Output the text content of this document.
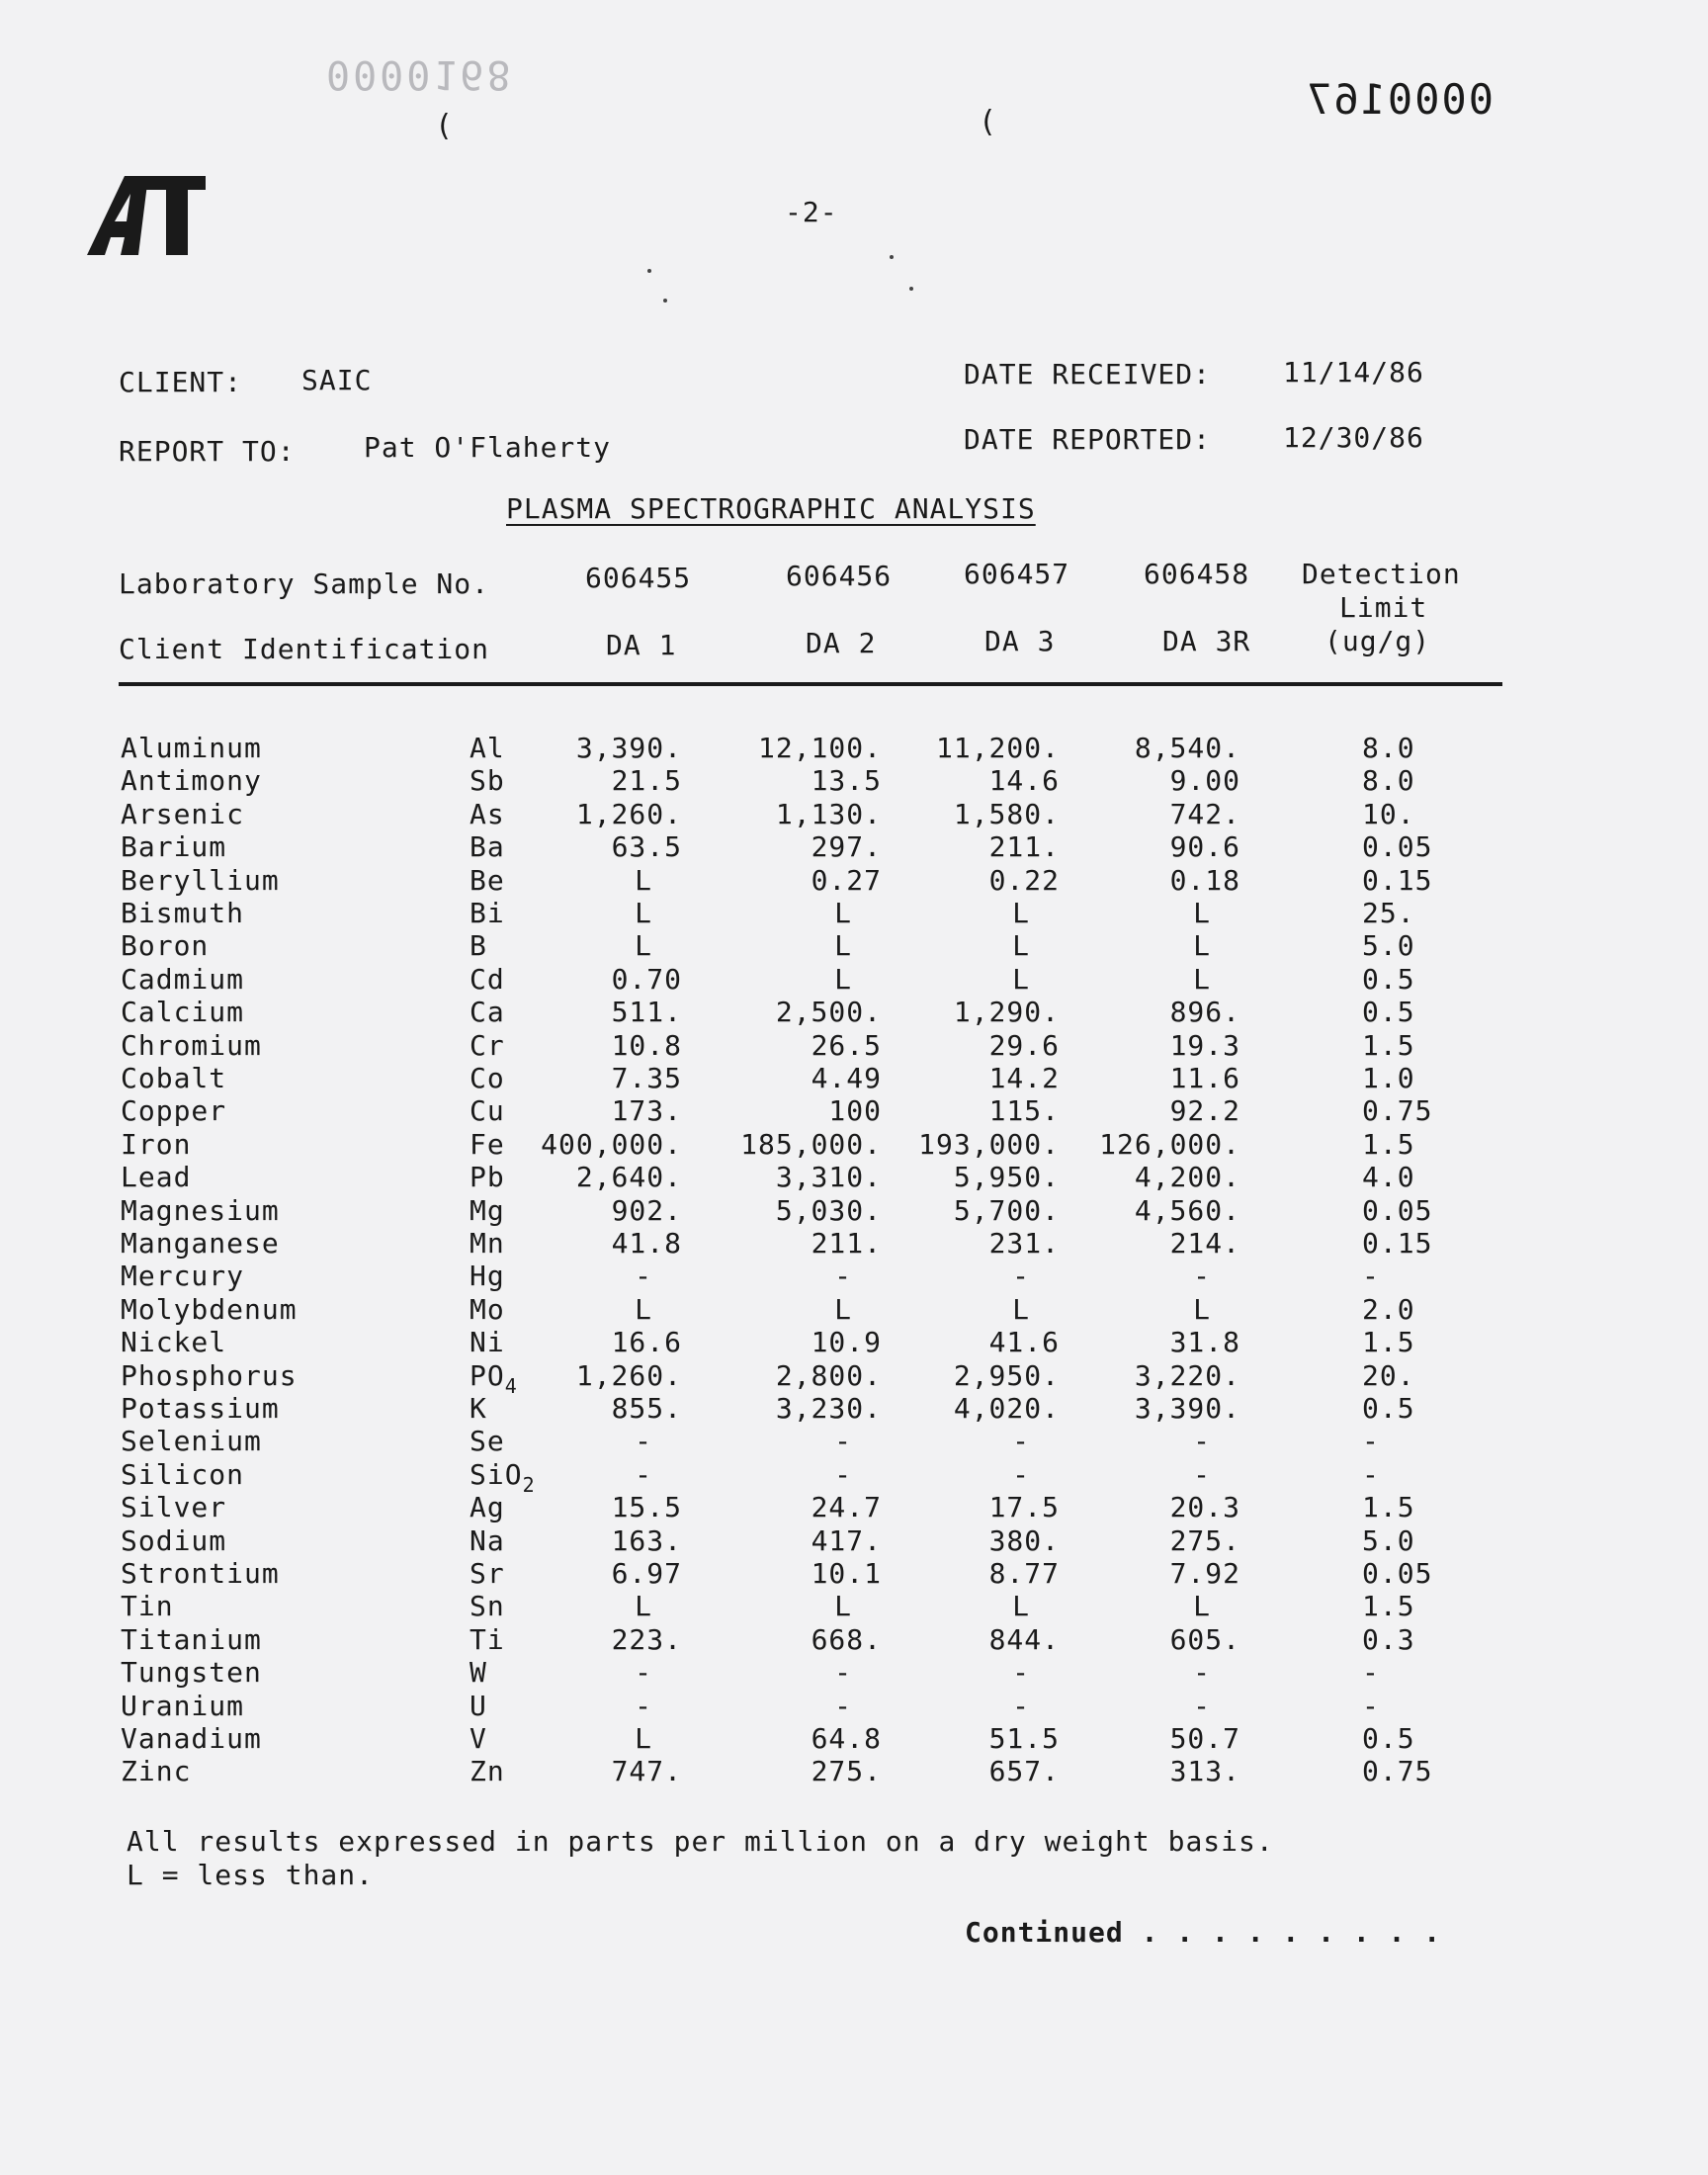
0000168
(	(	0000167
-2-
CLIENT: SAIC
REPORT TO: Pat O'Flaherty
DATE RECEIVED:	11/14/86
DATE REPORTED:	12/30/86
PLASMA SPECTROGRAPHIC ANALYSIS
Laboratory Sample No.
Client Identification
606455	606456	606457	606458
DA 1	DA 2	DA 3	DA 3R
Detection
Limit
(ug/g)
Aluminum	Al	3,390.	12,100.	11,200.	8,540.	8.0
Antimony	Sb	21.5	13.5	14.6	9.00	8.0
Arsenic	As	1,260.	1,130.	1,580.	742.	10.
Barium	Ba	63.5	297.	211.	90.6	0.05
Beryllium	Be	L	0.27	0.22	0.18	0.15
Bismuth	Bi	L	L	L	L	25.
Boron	B	L	L	L	L	5.0
Cadmium	Cd	0.70	L	L	L	0.5
Calcium	Ca	511.	2,500.	1,290.	896.	0.5
Chromium	Cr	10.8	26.5	29.6	19.3	1.5
Cobalt	Co	7.35	4.49	14.2	11.6	1.0
Copper	Cu	173.	100	115.	92.2	0.75
Iron	Fe	400,000.	185,000.	193,000.	126,000.	1.5
Lead	Pb	2,640.	3,310.	5,950.	4,200.	4.0
Magnesium	Mg	902.	5,030.	5,700.	4,560.	0.05
Manganese	Mn	41.8	211.	231.	214.	0.15
Mercury	Hg	-	-	-	-	-
Molybdenum	Mo	L	L	L	L	2.0
Nickel	Ni	16.6	10.9	41.6	31.8	1.5
Phosphorus	$PO_4$	1,260.	2,800.	2,950.	3,220.	20.
Potassium	K	855.	3,230.	4,020.	3,390.	0.5
Selenium	Se	-	-	-	-	-
Silicon	SiO$_2$	-	-	-	-	-
Silver	Ag	15.5	24.7	17.5	20.3	1.5
Sodium	Na	163.	417.	380.	275.	5.0
Strontium	Sr	6.97	10.1	8.77	7.92	0.05
Tin	Sn	L	L	L	L	1.5
Titanium	Ti	223.	668.	844.	605.	0.3
Tungsten	W	-	-	-	-	-
Uranium	U	-	-	-	-	-
Vanadium	V	L	64.8	51.5	50.7	0.5
Zinc	Zn	747.	275.	657.	313.	0.75
All results expressed in parts per million on a dry weight basis.
L = less than.
Continued . . . . . . . . .
